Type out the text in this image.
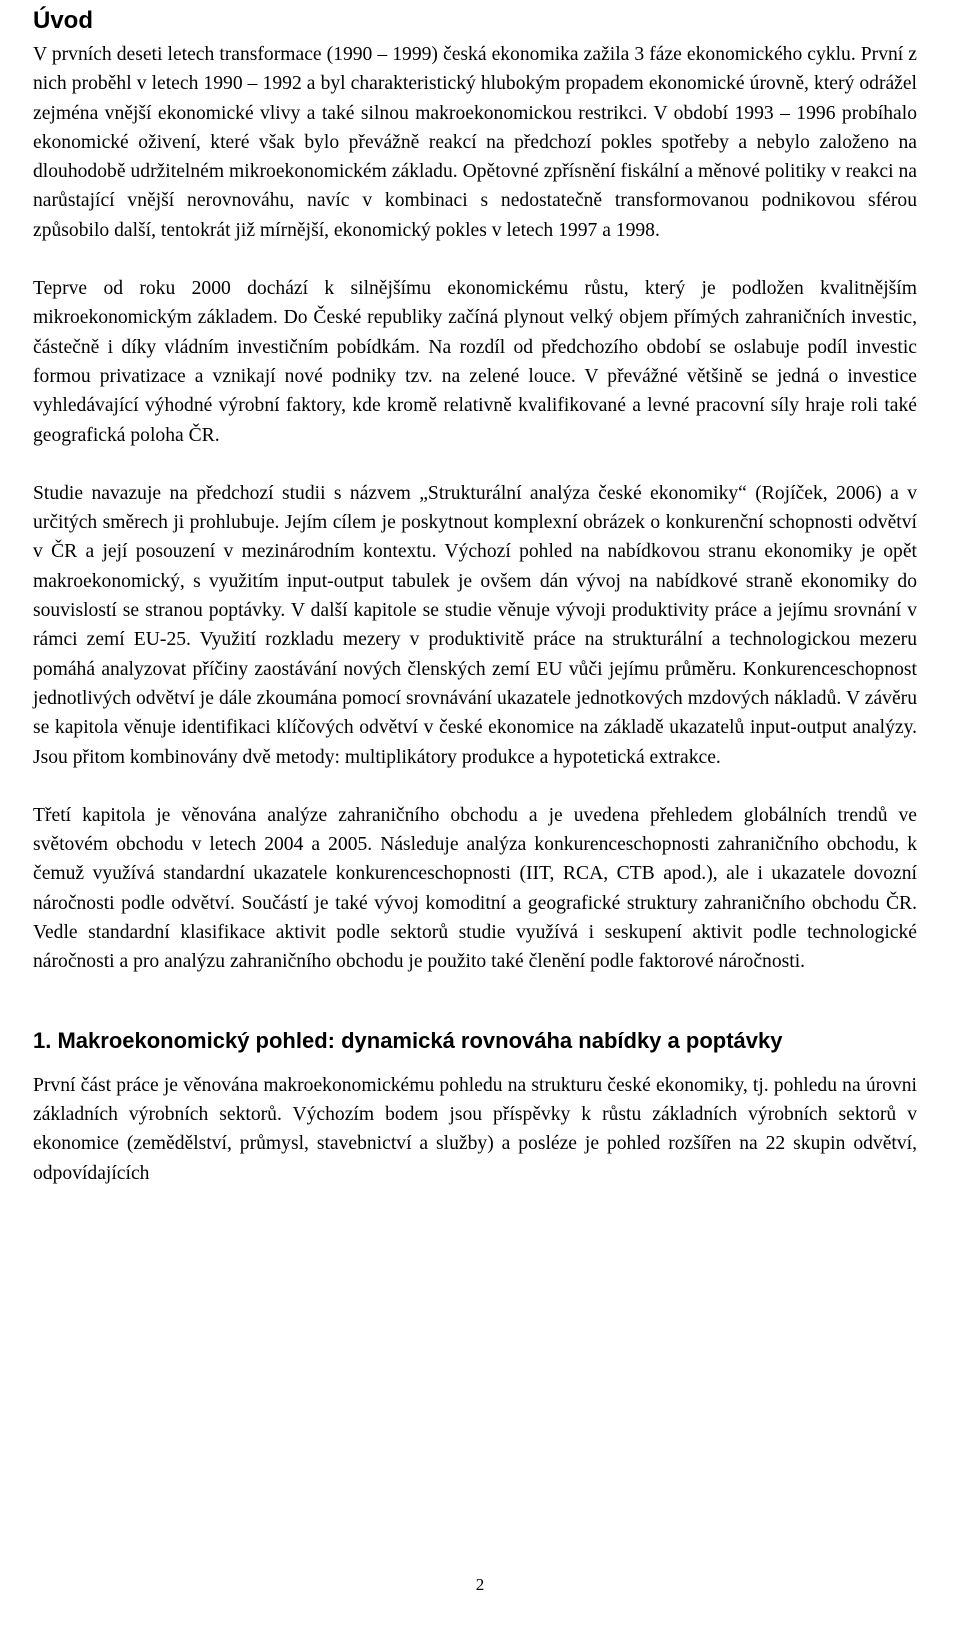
Úvod

V prvních deseti letech transformace (1990 – 1999) česká ekonomika zažila 3 fáze ekonomického cyklu. První z nich proběhl v letech 1990 – 1992 a byl charakteristický hlubokým propadem ekonomické úrovně, který odrážel zejména vnější ekonomické vlivy a také silnou makroekonomickou restrikci. V období 1993 – 1996 probíhalo ekonomické oživení, které však bylo převážně reakcí na předchozí pokles spotřeby a nebylo založeno na dlouhodobě udržitelném mikroekonomickém základu. Opětovné zpřísnění fiskální a měnové politiky v reakci na narůstající vnější nerovnováhu, navíc v kombinaci s nedostatečně transformovanou podnikovou sférou způsobilo další, tentokrát již mírnější, ekonomický pokles v letech 1997 a 1998.

Teprve od roku 2000 dochází k silnějšímu ekonomickému růstu, který je podložen kvalitnějším mikroekonomickým základem. Do České republiky začíná plynout velký objem přímých zahraničních investic, částečně i díky vládním investičním pobídkám. Na rozdíl od předchozího období se oslabuje podíl investic formou privatizace a vznikají nové podniky tzv. na zelené louce. V převážné většině se jedná o investice vyhledávající výhodné výrobní faktory, kde kromě relativně kvalifikované a levné pracovní síly hraje roli také geografická poloha ČR.

Studie navazuje na předchozí studii s názvem „Strukturální analýza české ekonomiky“ (Rojíček, 2006) a v určitých směrech ji prohlubuje. Jejím cílem je poskytnout komplexní obrázek o konkurenční schopnosti odvětví v ČR a její posouzení v mezinárodním kontextu. Výchozí pohled na nabídkovou stranu ekonomiky je opět makroekonomický, s využitím input-output tabulek je ovšem dán vývoj na nabídkové straně ekonomiky do souvislostí se stranou poptávky. V další kapitole se studie věnuje vývoji produktivity práce a jejímu srovnání v rámci zemí EU-25. Využití rozkladu mezery v produktivitě práce na strukturální a technologickou mezeru pomáhá analyzovat příčiny zaostávání nových členských zemí EU vůči jejímu průměru. Konkurenceschopnost jednotlivých odvětví je dále zkoumána pomocí srovnávání ukazatele jednotkových mzdových nákladů. V závěru se kapitola věnuje identifikaci klíčových odvětví v české ekonomice na základě ukazatelů input-output analýzy. Jsou přitom kombinovány dvě metody: multiplikátory produkce a hypotetická extrakce.

Třetí kapitola je věnována analýze zahraničního obchodu a je uvedena přehledem globálních trendů ve světovém obchodu v letech 2004 a 2005. Následuje analýza konkurenceschopnosti zahraničního obchodu, k čemuž využívá standardní ukazatele konkurenceschopnosti (IIT, RCA, CTB apod.), ale i ukazatele dovozní náročnosti podle odvětví. Součástí je také vývoj komoditní a geografické struktury zahraničního obchodu ČR. Vedle standardní klasifikace aktivit podle sektorů studie využívá i seskupení aktivit podle technologické náročnosti a pro analýzu zahraničního obchodu je použito také členění podle faktorové náročnosti.

1. Makroekonomický pohled: dynamická rovnováha nabídky a poptávky

První část práce je věnována makroekonomickému pohledu na strukturu české ekonomiky, tj. pohledu na úrovni základních výrobních sektorů. Výchozím bodem jsou příspěvky k růstu základních výrobních sektorů v ekonomice (zemědělství, průmysl, stavebnictví a služby) a posléze je pohled rozšířen na 22 skupin odvětví, odpovídajících

2
